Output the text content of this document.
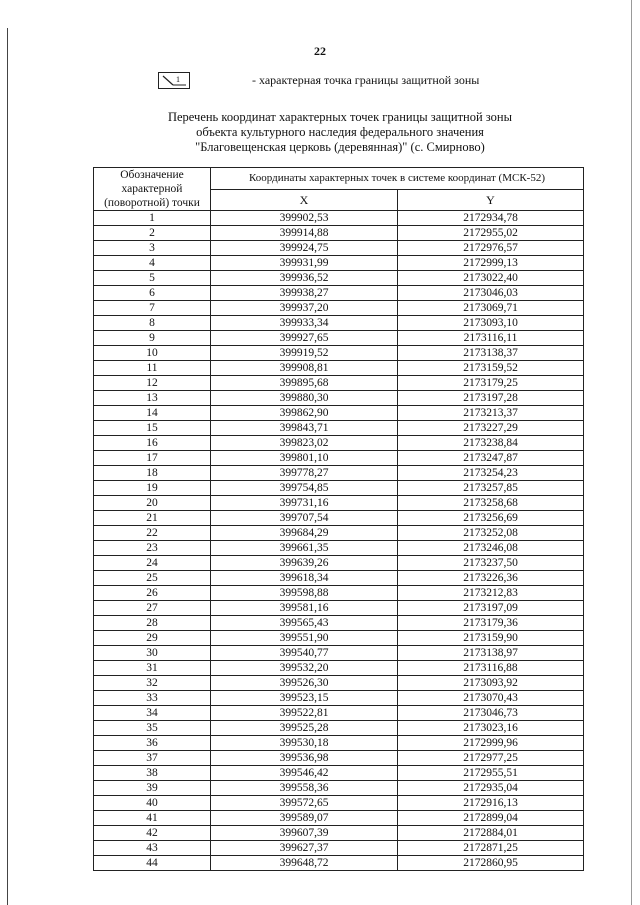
22
1	- характерная точка границы защитной зоны
Перечень координат характерных точек границы защитной зоны
объекта культурного наследия федерального значения
"Благовещенская церковь (деревянная)" (с. Смирново)
Обозначение
характерной
(поворотной) точки	Координаты характерных точек в системе координат (МСК-52)	
	X	Y
1	399902,53	2172934,78
2	399914,88	2172955,02
3	399924,75	2172976,57
4	399931,99	2172999,13
5	399936,52	2173022,40
6	399938,27	2173046,03
7	399937,20	2173069,71
8	399933,34	2173093,10
9	399927,65	2173116,11
10	399919,52	2173138,37
11	399908,81	2173159,52
12	399895,68	2173179,25
13	399880,30	2173197,28
14	399862,90	2173213,37
15	399843,71	2173227,29
16	399823,02	2173238,84
17	399801,10	2173247,87
18	399778,27	2173254,23
19	399754,85	2173257,85
20	399731,16	2173258,68
21	399707,54	2173256,69
22	399684,29	2173252,08
23	399661,35	2173246,08
24	399639,26	2173237,50
25	399618,34	2173226,36
26	399598,88	2173212,83
27	399581,16	2173197,09
28	399565,43	2173179,36
29	399551,90	2173159,90
30	399540,77	2173138,97
31	399532,20	2173116,88
32	399526,30	2173093,92
33	399523,15	2173070,43
34	399522,81	2173046,73
35	399525,28	2173023,16
36	399530,18	2172999,96
37	399536,98	2172977,25
38	399546,42	2172955,51
39	399558,36	2172935,04
40	399572,65	2172916,13
41	399589,07	2172899,04
42	399607,39	2172884,01
43	399627,37	2172871,25
44	399648,72	2172860,95
